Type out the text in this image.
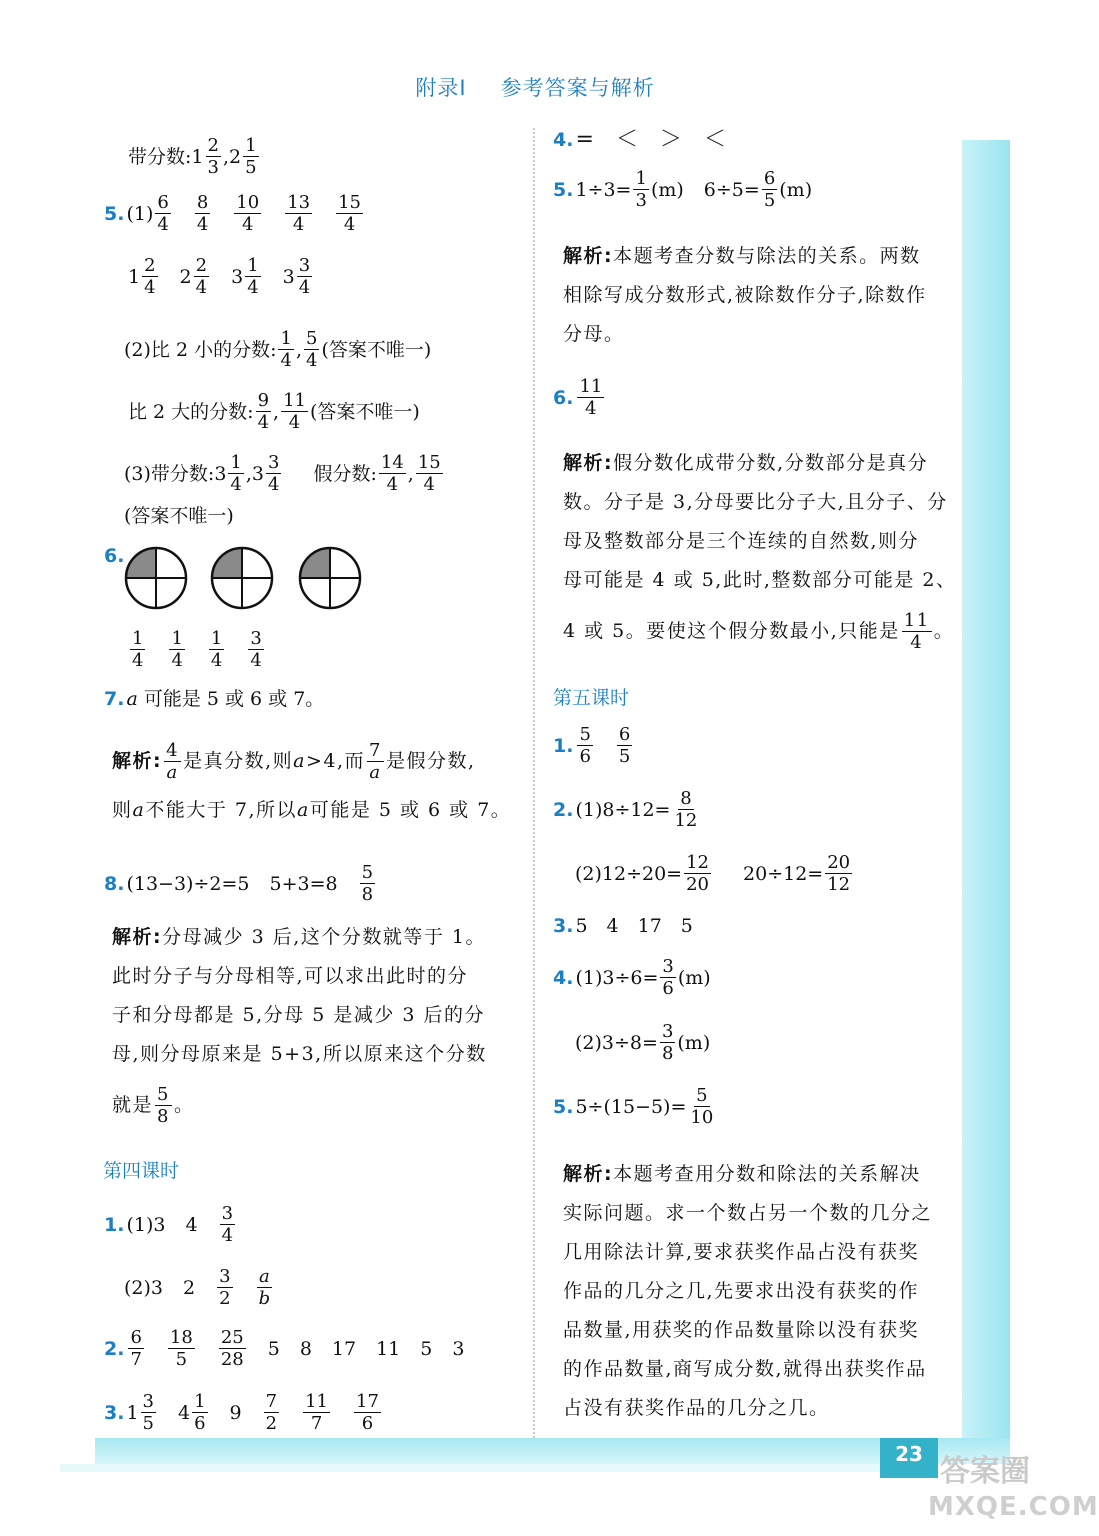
附录Ⅰ 参考答案与解析
带分数: $1 \frac{2}{3}$ , $2 \frac{1}{5}$
5. $(1) \frac{6}{4} \frac{8}{4} \frac{10}{4} \frac{13}{4} \frac{15}{4}$
$1 \frac{2}{4} 2 \frac{2}{4} 3 \frac{1}{4} 3 \frac{3}{4}$
(2)比 2 小的分数: $\frac{1}{4}$ , $\frac{5}{4}$ (答案不唯一)
比 2 大的分数: $\frac{9}{4}$ , $\frac{11}{4}$ (答案不唯一)
(3)带分数: $3 \frac{1}{4}$ , $3 \frac{3}{4}$ 假分数: $\frac{14}{4}$ , $\frac{15}{4}$
(答案不唯一)
6.
$\frac{1}{4} \frac{1}{4} \frac{1}{4} \frac{3}{4}$
7. a
可能是 5 或 6 或 7。
解析: $\frac{4}{a}$ 是真分数,则 a >4,而 $\frac{7}{a}$ 是假分数,
则 a 不能大于 7,所以 a 可能是 5 或 6 或 7。
8. (13−3)÷2=5 $5+3=8 \frac{5}{8}$
解析: 分母减少 3 后,这个分数就等于 1。
此时分子与分母相等,可以求出此时的分
子和分母都是 5,分母 5 是减少 3 后的分
母,则分母原来是 5+3,所以原来这个分数
就是 $\frac{5}{8}$ 。
第四课时
1. (1)3 $4 \frac{3}{4}$
(2)3 $2 \frac{3}{2} \frac{a}{b}$
2. $\frac{6}{7} \frac{18}{5} \frac{25}{28} 5$ 8 17 11 5 3
3. $1 \frac{3}{5} 4 \frac{1}{6} 9 \frac{7}{2} \frac{11}{7} \frac{17}{6}$
4. =　＜　＞　＜
5. $1\div 3= \frac{1}{3} (m)$ $6\div 5= \frac{6}{5} (m)$
解析: 本题考查分数与除法的关系。两数
相除写成分数形式,被除数作分子,除数作
分母。
6. $\frac{11}{4}$
解析: 假分数化成带分数,分数部分是真分
数。分子是 3,分母要比分子大,且分子、分
母及整数部分是三个连续的自然数,则分
母可能是 4 或 5,此时,整数部分可能是 2、
4 或 5。要使这个假分数最小,只能是 $\frac{11}{4}$ 。
第五课时
1. $\frac{5}{6} \frac{6}{5}$
2. $(1)8\div 12= \frac{8}{12}$
$(2)12\div 20= \frac{12}{20} 20\div 12= \frac{20}{12}$
3. 5　4　17　5
4. $(1)3\div 6= \frac{3}{6} (m)$
$(2)3\div 8= \frac{3}{8} (m)$
5. $5\div(15-5)= \frac{5}{10}$
解析: 本题考查用分数和除法的关系解决
实际问题。求一个数占另一个数的几分之
几用除法计算,要求获奖作品占没有获奖
作品的几分之几,先要求出没有获奖的作
品数量,用获奖的作品数量除以没有获奖
的作品数量,商写成分数,就得出获奖作品
占没有获奖作品的几分之几。
23 答案圈
MXQE.COM
